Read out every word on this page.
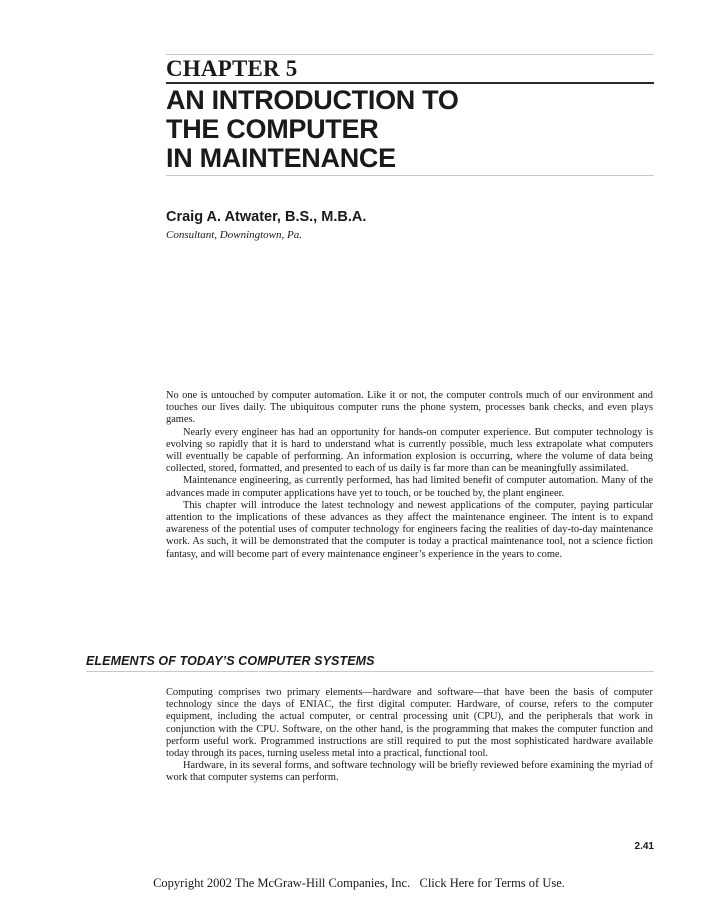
CHAPTER 5
AN INTRODUCTION TO
THE COMPUTER
IN MAINTENANCE
Craig A. Atwater, B.S., M.B.A.
Consultant, Downingtown, Pa.

No one is untouched by computer automation. Like it or not, the computer controls much of our environment and touches our lives daily. The ubiquitous computer runs the phone system, processes bank checks, and even plays games.

Nearly every engineer has had an opportunity for hands-on computer experience. But computer technology is evolving so rapidly that it is hard to understand what is currently possible, much less extrapolate what computers will eventually be capable of performing. An information explosion is occurring, where the volume of data being collected, stored, formatted, and presented to each of us daily is far more than can be meaningfully assimilated.

Maintenance engineering, as currently performed, has had limited benefit of computer automation. Many of the advances made in computer applications have yet to touch, or be touched by, the plant engineer.

This chapter will introduce the latest technology and newest applications of the computer, paying particular attention to the implications of these advances as they affect the maintenance engineer. The intent is to expand awareness of the potential uses of computer technology for engineers facing the realities of day-to-day maintenance work. As such, it will be demonstrated that the computer is today a practical maintenance tool, not a science fiction fantasy, and will become part of every maintenance engineer’s experience in the years to come.

ELEMENTS OF TODAY’S COMPUTER SYSTEMS

Computing comprises two primary elements—hardware and software—that have been the basis of computer technology since the days of ENIAC, the first digital computer. Hardware, of course, refers to the computer equipment, including the actual computer, or central processing unit (CPU), and the peripherals that work in conjunction with the CPU. Software, on the other hand, is the programming that makes the computer function and perform useful work. Programmed instructions are still required to put the most sophisticated hardware available today through its paces, turning useless metal into a practical, functional tool.

Hardware, in its several forms, and software technology will be briefly reviewed before examining the myriad of work that computer systems can perform.

2.41
Copyright 2002 The McGraw-Hill Companies, Inc. Click Here for Terms of Use.
